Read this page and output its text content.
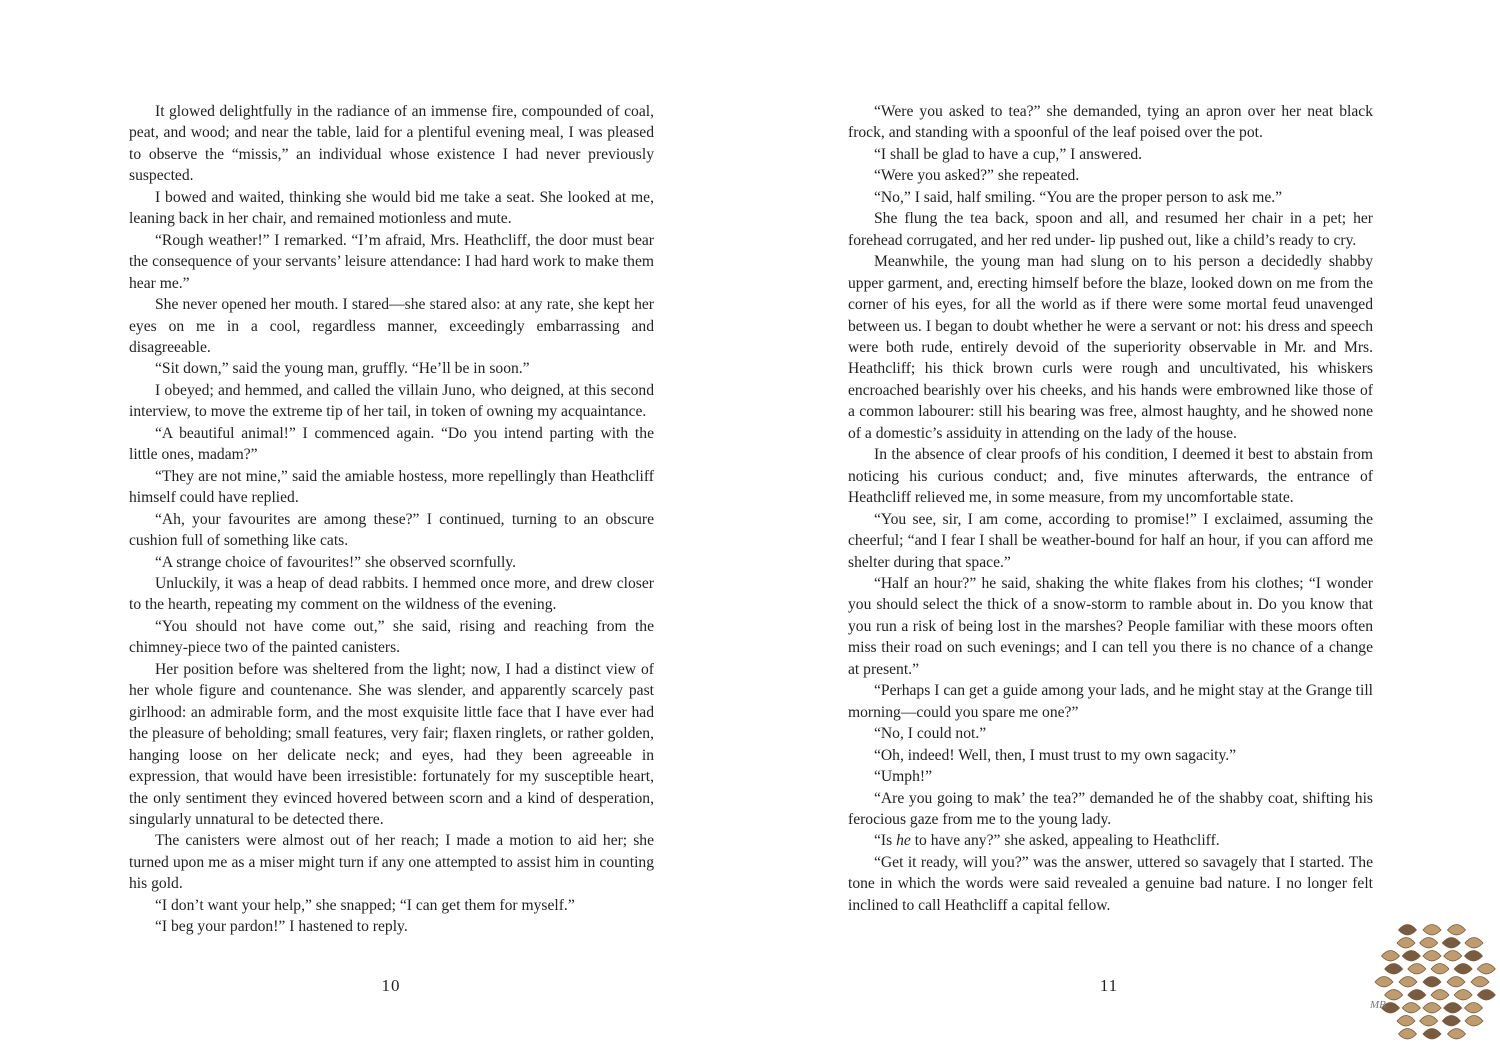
It glowed delightfully in the radiance of an immense fire, compounded of coal, peat, and wood; and near the table, laid for a plentiful evening meal, I was pleased to observe the “missis,” an individual whose existence I had never previously suspected.

I bowed and waited, thinking she would bid me take a seat. She looked at me, leaning back in her chair, and remained motionless and mute.

“Rough weather!” I remarked. “I’m afraid, Mrs. Heathcliff, the door must bear the consequence of your servants’ leisure attendance: I had hard work to make them hear me.”

She never opened her mouth. I stared—she stared also: at any rate, she kept her eyes on me in a cool, regardless manner, exceedingly embarrassing and disagreeable.

“Sit down,” said the young man, gruffly. “He’ll be in soon.”

I obeyed; and hemmed, and called the villain Juno, who deigned, at this second interview, to move the extreme tip of her tail, in token of owning my acquaintance.

“A beautiful animal!” I commenced again. “Do you intend parting with the little ones, madam?”

“They are not mine,” said the amiable hostess, more repellingly than Heathcliff himself could have replied.

“Ah, your favourites are among these?” I continued, turning to an obscure cushion full of something like cats.

“A strange choice of favourites!” she observed scornfully.

Unluckily, it was a heap of dead rabbits. I hemmed once more, and drew closer to the hearth, repeating my comment on the wildness of the evening.

“You should not have come out,” she said, rising and reaching from the chimney-piece two of the painted canisters.

Her position before was sheltered from the light; now, I had a distinct view of her whole figure and countenance. She was slender, and apparently scarcely past girlhood: an admirable form, and the most exquisite little face that I have ever had the pleasure of beholding; small features, very fair; flaxen ringlets, or rather golden, hanging loose on her delicate neck; and eyes, had they been agreeable in expression, that would have been irresistible: fortunately for my susceptible heart, the only sentiment they evinced hovered between scorn and a kind of desperation, singularly unnatural to be detected there.

The canisters were almost out of her reach; I made a motion to aid her; she turned upon me as a miser might turn if any one attempted to assist him in counting his gold.

“I don’t want your help,” she snapped; “I can get them for myself.”

“I beg your pardon!” I hastened to reply.

10

“Were you asked to tea?” she demanded, tying an apron over her neat black frock, and standing with a spoonful of the leaf poised over the pot.

“I shall be glad to have a cup,” I answered.

“Were you asked?” she repeated.

“No,” I said, half smiling. “You are the proper person to ask me.”

She flung the tea back, spoon and all, and resumed her chair in a pet; her forehead corrugated, and her red under- lip pushed out, like a child’s ready to cry.

Meanwhile, the young man had slung on to his person a decidedly shabby upper garment, and, erecting himself before the blaze, looked down on me from the corner of his eyes, for all the world as if there were some mortal feud unavenged between us. I began to doubt whether he were a servant or not: his dress and speech were both rude, entirely devoid of the superiority observable in Mr. and Mrs. Heathcliff; his thick brown curls were rough and uncultivated, his whiskers encroached bearishly over his cheeks, and his hands were embrowned like those of a common labourer: still his bearing was free, almost haughty, and he showed none of a domestic’s assiduity in attending on the lady of the house.

In the absence of clear proofs of his condition, I deemed it best to abstain from noticing his curious conduct; and, five minutes afterwards, the entrance of Heathcliff relieved me, in some measure, from my uncomfortable state.

“You see, sir, I am come, according to promise!” I exclaimed, assuming the cheerful; “and I fear I shall be weather-bound for half an hour, if you can afford me shelter during that space.”

“Half an hour?” he said, shaking the white flakes from his clothes; “I wonder you should select the thick of a snow-storm to ramble about in. Do you know that you run a risk of being lost in the marshes? People familiar with these moors often miss their road on such evenings; and I can tell you there is no chance of a change at present.”

“Perhaps I can get a guide among your lads, and he might stay at the Grange till morning—could you spare me one?”

“No, I could not.”

“Oh, indeed! Well, then, I must trust to my own sagacity.”

“Umph!”

“Are you going to mak’ the tea?” demanded he of the shabby coat, shifting his ferocious gaze from me to the young lady.

“Is he to have any?” she asked, appealing to Heathcliff.

“Get it ready, will you?” was the answer, uttered so savagely that I started. The tone in which the words were said revealed a genuine bad nature. I no longer felt inclined to call Heathcliff a capital fellow.

11
MB
